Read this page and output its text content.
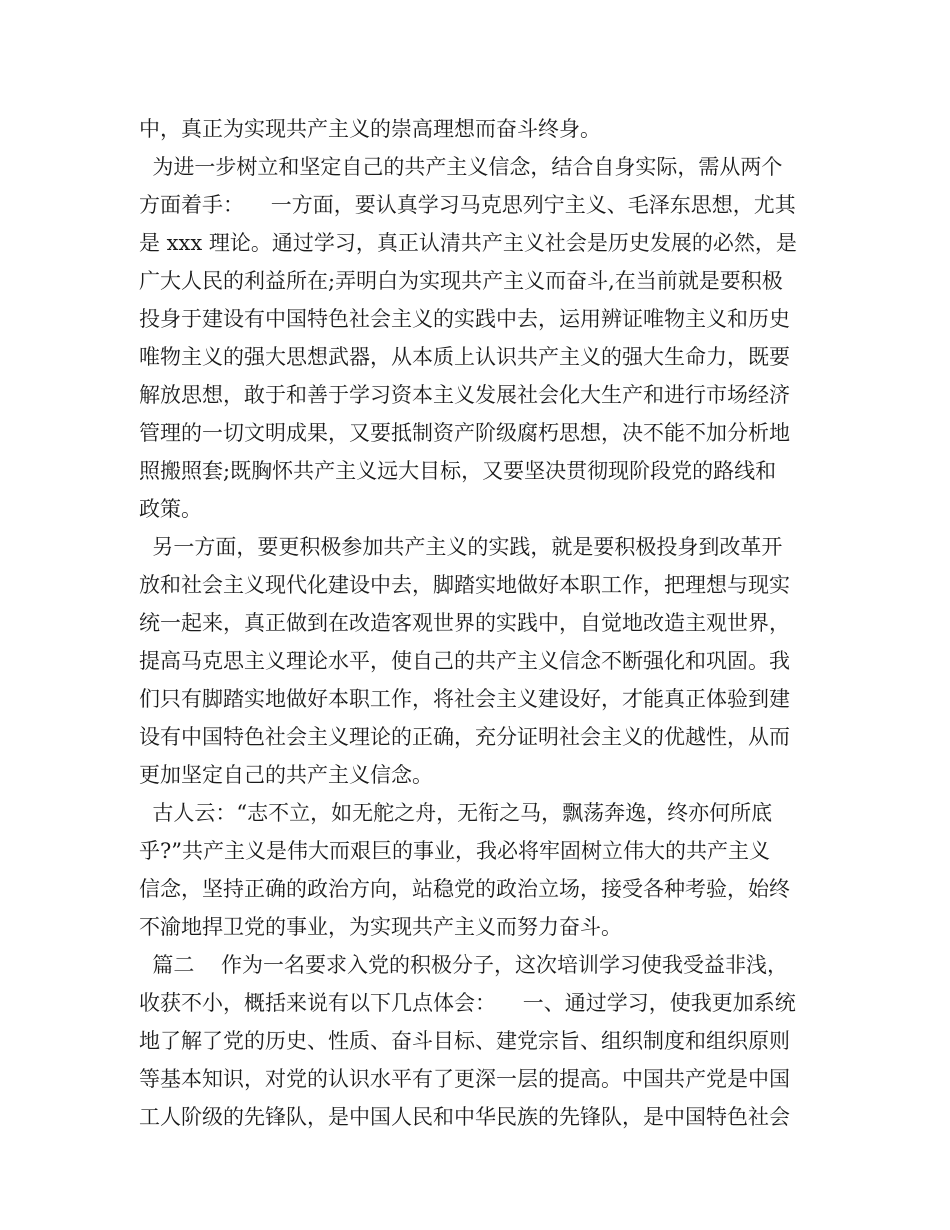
中，真正为实现共产主义的崇高理想而奋斗终身。
为进一步树立和坚定自己的共产主义信念，结合自身实际，需从两个
方面着手：    一方面，要认真学习马克思列宁主义、毛泽东思想，尤其
是 xxx 理论。通过学习，真正认清共产主义社会是历史发展的必然，是
广大人民的利益所在;弄明白为实现共产主义而奋斗,在当前就是要积极
投身于建设有中国特色社会主义的实践中去，运用辨证唯物主义和历史
唯物主义的强大思想武器，从本质上认识共产主义的强大生命力，既要
解放思想，敢于和善于学习资本主义发展社会化大生产和进行市场经济
管理的一切文明成果，又要抵制资产阶级腐朽思想，决不能不加分析地
照搬照套;既胸怀共产主义远大目标，又要坚决贯彻现阶段党的路线和
政策。
另一方面，要更积极参加共产主义的实践，就是要积极投身到改革开
放和社会主义现代化建设中去，脚踏实地做好本职工作，把理想与现实
统一起来，真正做到在改造客观世界的实践中，自觉地改造主观世界，
提高马克思主义理论水平，使自己的共产主义信念不断强化和巩固。我
们只有脚踏实地做好本职工作，将社会主义建设好，才能真正体验到建
设有中国特色社会主义理论的正确，充分证明社会主义的优越性，从而
更加坚定自己的共产主义信念。
古人云：“志不立，如无舵之舟，无衔之马，飘荡奔逸，终亦何所底
乎?”共产主义是伟大而艰巨的事业，我必将牢固树立伟大的共产主义
信念，坚持正确的政治方向，站稳党的政治立场，接受各种考验，始终
不渝地捍卫党的事业，为实现共产主义而努力奋斗。
篇二    作为一名要求入党的积极分子，这次培训学习使我受益非浅，
收获不小，概括来说有以下几点体会：    一、通过学习，使我更加系统
地了解了党的历史、性质、奋斗目标、建党宗旨、组织制度和组织原则
等基本知识，对党的认识水平有了更深一层的提高。中国共产党是中国
工人阶级的先锋队，是中国人民和中华民族的先锋队，是中国特色社会
